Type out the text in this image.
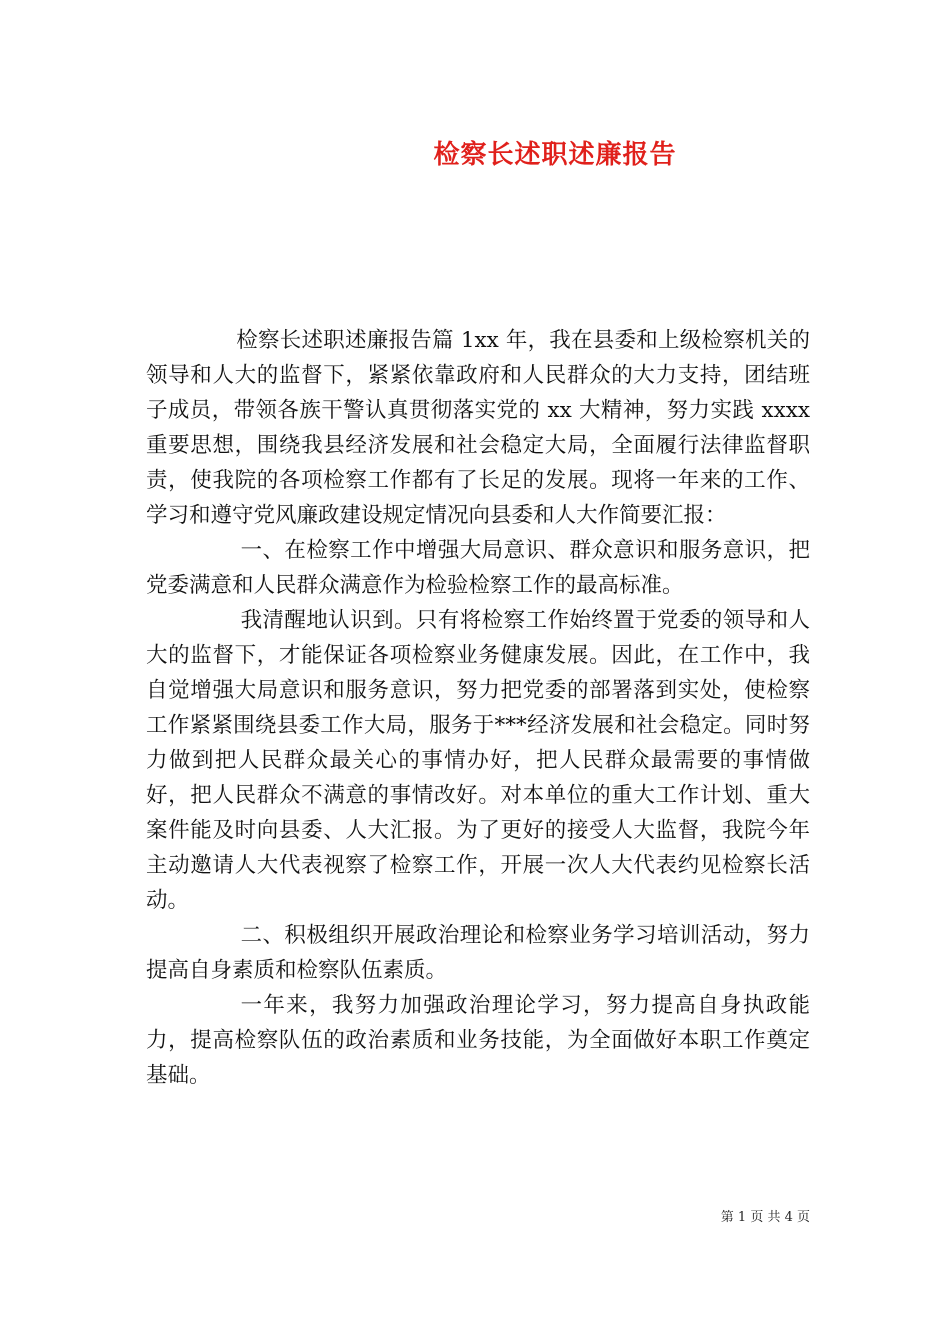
检察长述职述廉报告

检察长述职述廉报告篇 1xx 年，我在县委和上级检察机关的领导和人大的监督下，紧紧依靠政府和人民群众的大力支持，团结班子成员，带领各族干警认真贯彻落实党的 xx 大精神，努力实践 xxxx 重要思想，围绕我县经济发展和社会稳定大局，全面履行法律监督职责，使我院的各项检察工作都有了长足的发展。现将一年来的工作、学习和遵守党风廉政建设规定情况向县委和人大作简要汇报：

一、在检察工作中增强大局意识、群众意识和服务意识，把党委满意和人民群众满意作为检验检察工作的最高标准。

我清醒地认识到。只有将检察工作始终置于党委的领导和人大的监督下，才能保证各项检察业务健康发展。因此，在工作中，我自觉增强大局意识和服务意识，努力把党委的部署落到实处，使检察工作紧紧围绕县委工作大局，服务于***经济发展和社会稳定。同时努力做到把人民群众最关心的事情办好，把人民群众最需要的事情做好，把人民群众不满意的事情改好。对本单位的重大工作计划、重大案件能及时向县委、人大汇报。为了更好的接受人大监督，我院今年主动邀请人大代表视察了检察工作，开展一次人大代表约见检察长活动。

二、积极组织开展政治理论和检察业务学习培训活动，努力提高自身素质和检察队伍素质。

一年来，我努力加强政治理论学习，努力提高自身执政能力，提高检察队伍的政治素质和业务技能，为全面做好本职工作奠定基础。

第 1 页 共 4 页
